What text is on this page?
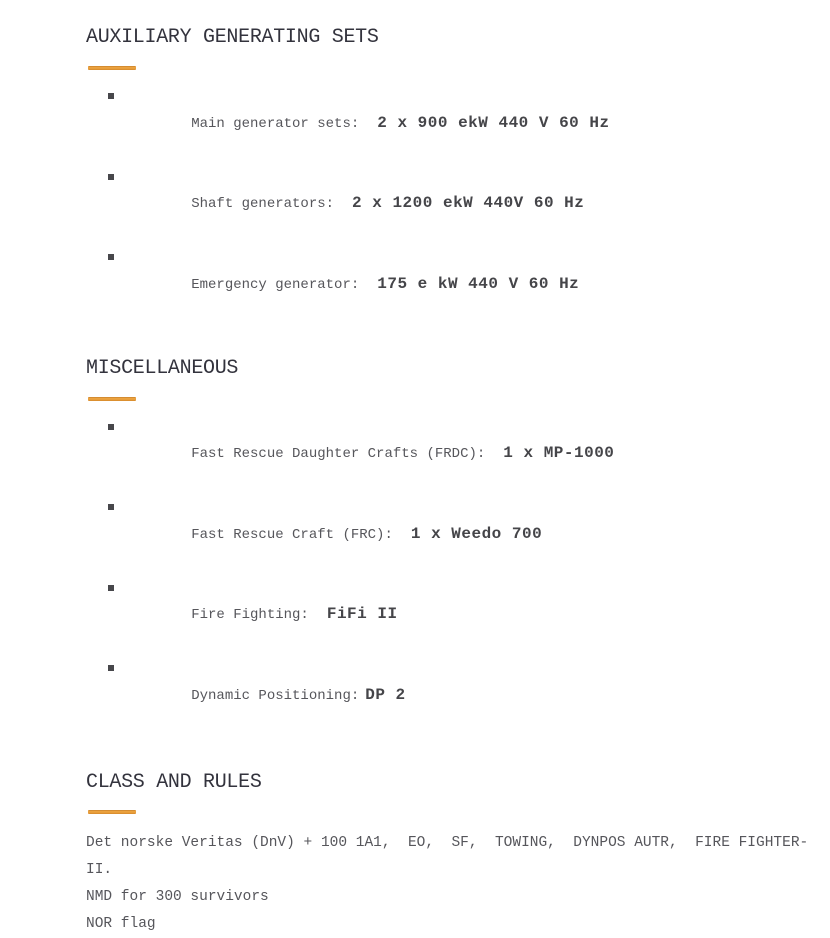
AUXILIARY GENERATING SETS

Main generator sets: 2 x 900 ekW 440 V 60 Hz

Shaft generators: 2 x 1200 ekW 440V 60 Hz

Emergency generator: 175 e kW 440 V 60 Hz

MISCELLANEOUS

Fast Rescue Daughter Crafts (FRDC): 1 x MP-1000

Fast Rescue Craft (FRC): 1 x Weedo 700

Fire Fighting: FiFi II

Dynamic Positioning: DP 2

CLASS AND RULES
Det norske Veritas (DnV) + 100 1A1,  EO,  SF,  TOWING,  DYNPOS AUTR,  FIRE FIGHTER-
II.
NMD for 300 survivors
NOR flag
